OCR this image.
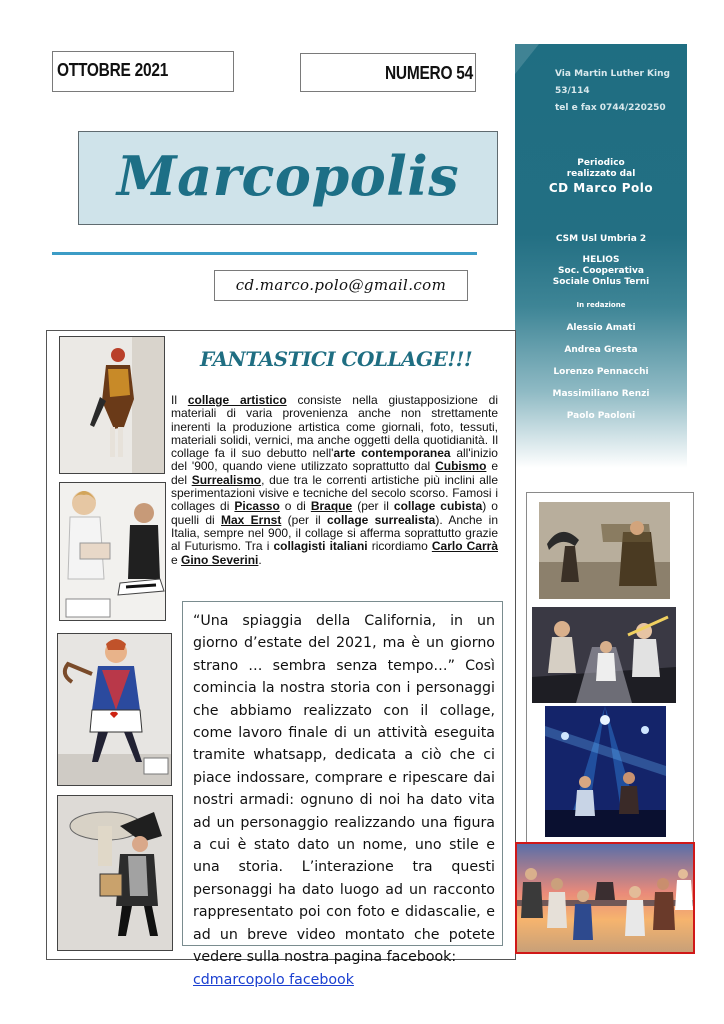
OTTOBRE 2021	NUMERO 54
Marcopolis
cd.marco.polo@gmail.com
Via Martin Luther King
53/114
tel e fax 0744/220250
Periodico
realizzato dal
CD Marco Polo
CSM Usl Umbria 2
HELIOS
Soc. Cooperativa
Sociale Onlus Terni
In redazione
Alessio Amati
Andrea Gresta
Lorenzo Pennacchi
Massimiliano Renzi
Paolo Paoloni
FANTASTICI COLLAGE!!!
Il collage artistico consiste nella giustapposizione di materiali di varia provenienza anche non strettamente inerenti la produzione artistica come giornali, foto, tessuti, materiali solidi, vernici, ma anche oggetti della quotidianità. Il collage fa il suo debutto nell'arte contemporanea all'inizio del '900, quando viene utilizzato soprattutto dal Cubismo e del Surrealismo, due tra le correnti artistiche più inclini alle sperimentazioni visive e tecniche del secolo scorso. Famosi i collages di Picasso o di Braque (per il collage cubista) o quelli di Max Ernst (per il collage surrealista). Anche in Italia, sempre nel 900, il collage si afferma soprattutto grazie al Futurismo. Tra i collagisti italiani ricordiamo Carlo Carrà e Gino Severini.
“Una spiaggia della California, in un giorno d’estate del 2021, ma è un giorno strano … sembra senza tempo…” Così comincia la nostra storia con i personaggi che abbiamo realizzato con il collage, come lavoro finale di un attività eseguita tramite whatsapp, dedicata a ciò che ci piace indossare, comprare e ripescare dai nostri armadi: ognuno di noi ha dato vita ad un personaggio realizzando una figura a cui è stato dato un nome, uno stile e una storia. L’interazione tra questi personaggi ha dato luogo ad un racconto rappresentato poi con foto e didascalie, e ad un breve video montato che potete vedere sulla nostra pagina facebook:
cdmarcopolo facebook
